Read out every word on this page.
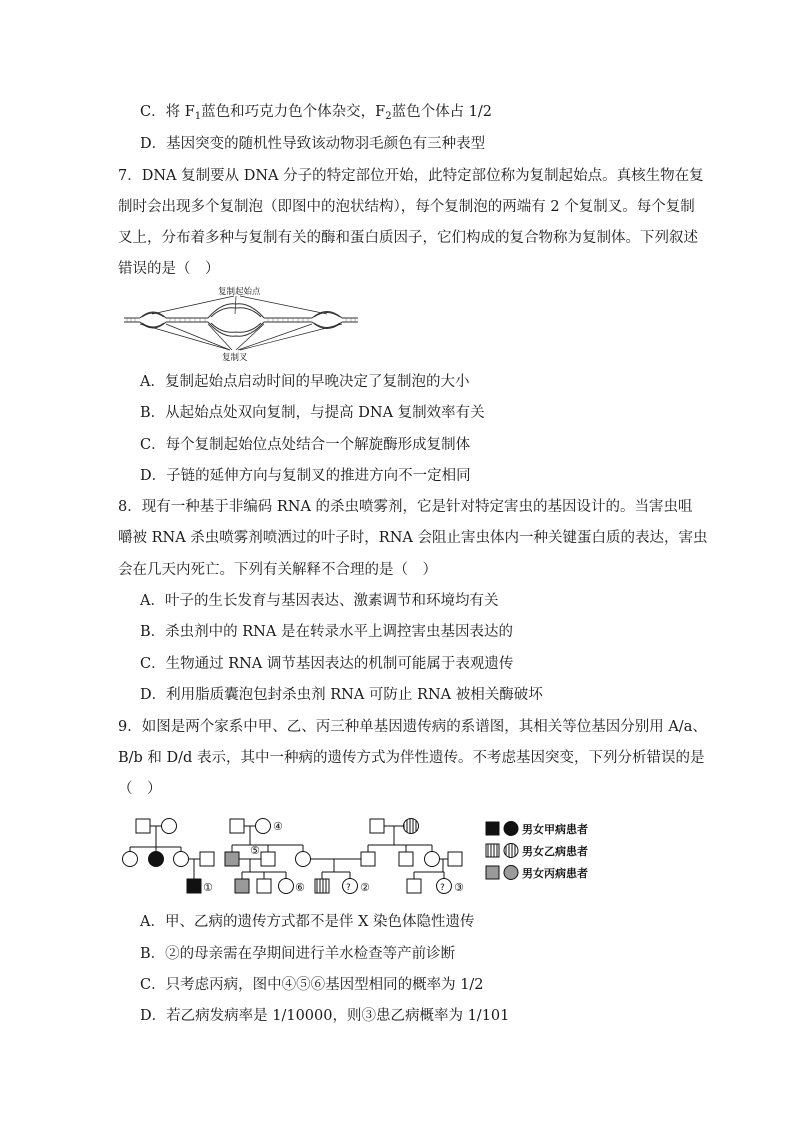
C．将 $F_1$蓝色和巧克力色个体杂交，$F_2$蓝色个体占 1/2
D．基因突变的随机性导致该动物羽毛颜色有三种表型
7．DNA 复制要从 DNA 分子的特定部位开始，此特定部位称为复制起始点。真核生物在复
制时会出现多个复制泡（即图中的泡状结构），每个复制泡的两端有 2 个复制叉。每个复制
叉上，分布着多种与复制有关的酶和蛋白质因子，它们构成的复合物称为复制体。下列叙述
错误的是（　）
复制起始点
复制叉
A．复制起始点启动时间的早晚决定了复制泡的大小
B．从起始点处双向复制，与提高 DNA 复制效率有关
C．每个复制起始位点处结合一个解旋酶形成复制体
D．子链的延伸方向与复制叉的推进方向不一定相同
8．现有一种基于非编码 RNA 的杀虫喷雾剂，它是针对特定害虫的基因设计的。当害虫咀
嚼被 RNA 杀虫喷雾剂喷洒过的叶子时，RNA 会阻止害虫体内一种关键蛋白质的表达，害虫
会在几天内死亡。下列有关解释不合理的是（　）
A．叶子的生长发育与基因表达、激素调节和环境均有关
B．杀虫剂中的 RNA 是在转录水平上调控害虫基因表达的
C．生物通过 RNA 调节基因表达的机制可能属于表观遗传
D．利用脂质囊泡包封杀虫剂 RNA 可防止 RNA 被相关酶破坏
9．如图是两个家系中甲、乙、丙三种单基因遗传病的系谱图，其相关等位基因分别用 A/a、
B/b 和 D/d 表示，其中一种病的遗传方式为伴性遗传。不考虑基因突变，下列分析错误的是
（　）
①	②	③
④
⑤
⑥	?	?
男女甲病患者
男女乙病患者
男女丙病患者
A．甲、乙病的遗传方式都不是伴 X 染色体隐性遗传
B．②的母亲需在孕期间进行羊水检查等产前诊断
C．只考虑丙病，图中④⑤⑥基因型相同的概率为 1/2
D．若乙病发病率是 1/10000，则③患乙病概率为 1/101
